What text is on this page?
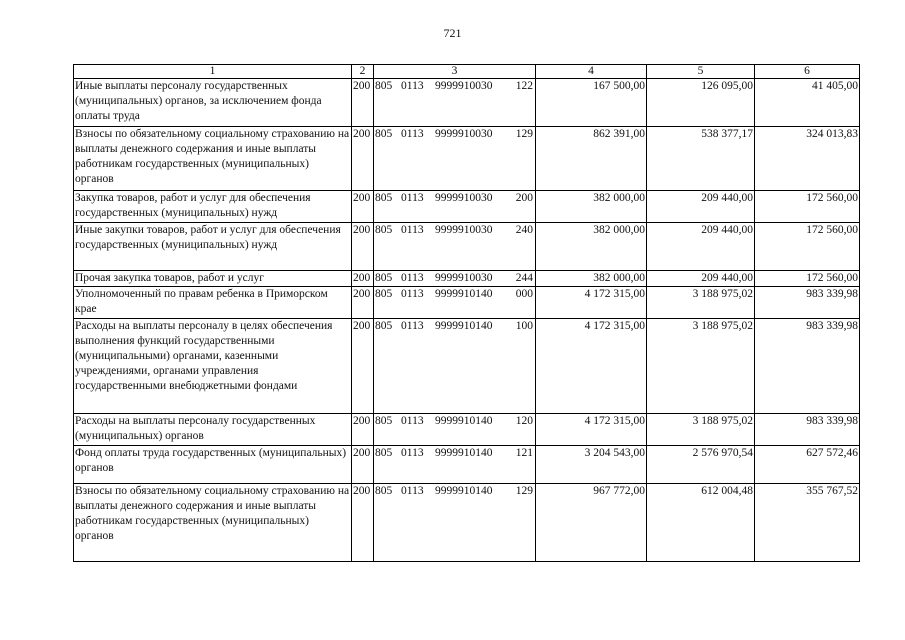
721
1	2	3	4	5	6
Иные выплаты персоналу государственных (муниципальных) органов, за исключением фонда оплаты труда	200	805 0113 9999910030 122	167 500,00	126 095,00	41 405,00
Взносы по обязательному социальному страхованию на выплаты денежного содержания и иные выплаты работникам государственных (муниципальных) органов	200	805 0113 9999910030 129	862 391,00	538 377,17	324 013,83
Закупка товаров, работ и услуг для обеспечения государственных (муниципальных) нужд	200	805 0113 9999910030 200	382 000,00	209 440,00	172 560,00
Иные закупки товаров, работ и услуг для обеспечения государственных (муниципальных) нужд	200	805 0113 9999910030 240	382 000,00	209 440,00	172 560,00
Прочая закупка товаров, работ и услуг	200	805 0113 9999910030 244	382 000,00	209 440,00	172 560,00
Уполномоченный по правам ребенка в Приморском крае	200	805 0113 9999910140 000	4 172 315,00	3 188 975,02	983 339,98
Расходы на выплаты персоналу в целях обеспечения выполнения функций государственными (муниципальными) органами, казенными учреждениями, органами управления государственными внебюджетными фондами	200	805 0113 9999910140 100	4 172 315,00	3 188 975,02	983 339,98
Расходы на выплаты персоналу государственных (муниципальных) органов	200	805 0113 9999910140 120	4 172 315,00	3 188 975,02	983 339,98
Фонд оплаты труда государственных (муниципальных) органов	200	805 0113 9999910140 121	3 204 543,00	2 576 970,54	627 572,46
Взносы по обязательному социальному страхованию на выплаты денежного содержания и иные выплаты работникам государственных (муниципальных) органов	200	805 0113 9999910140 129	967 772,00	612 004,48	355 767,52
